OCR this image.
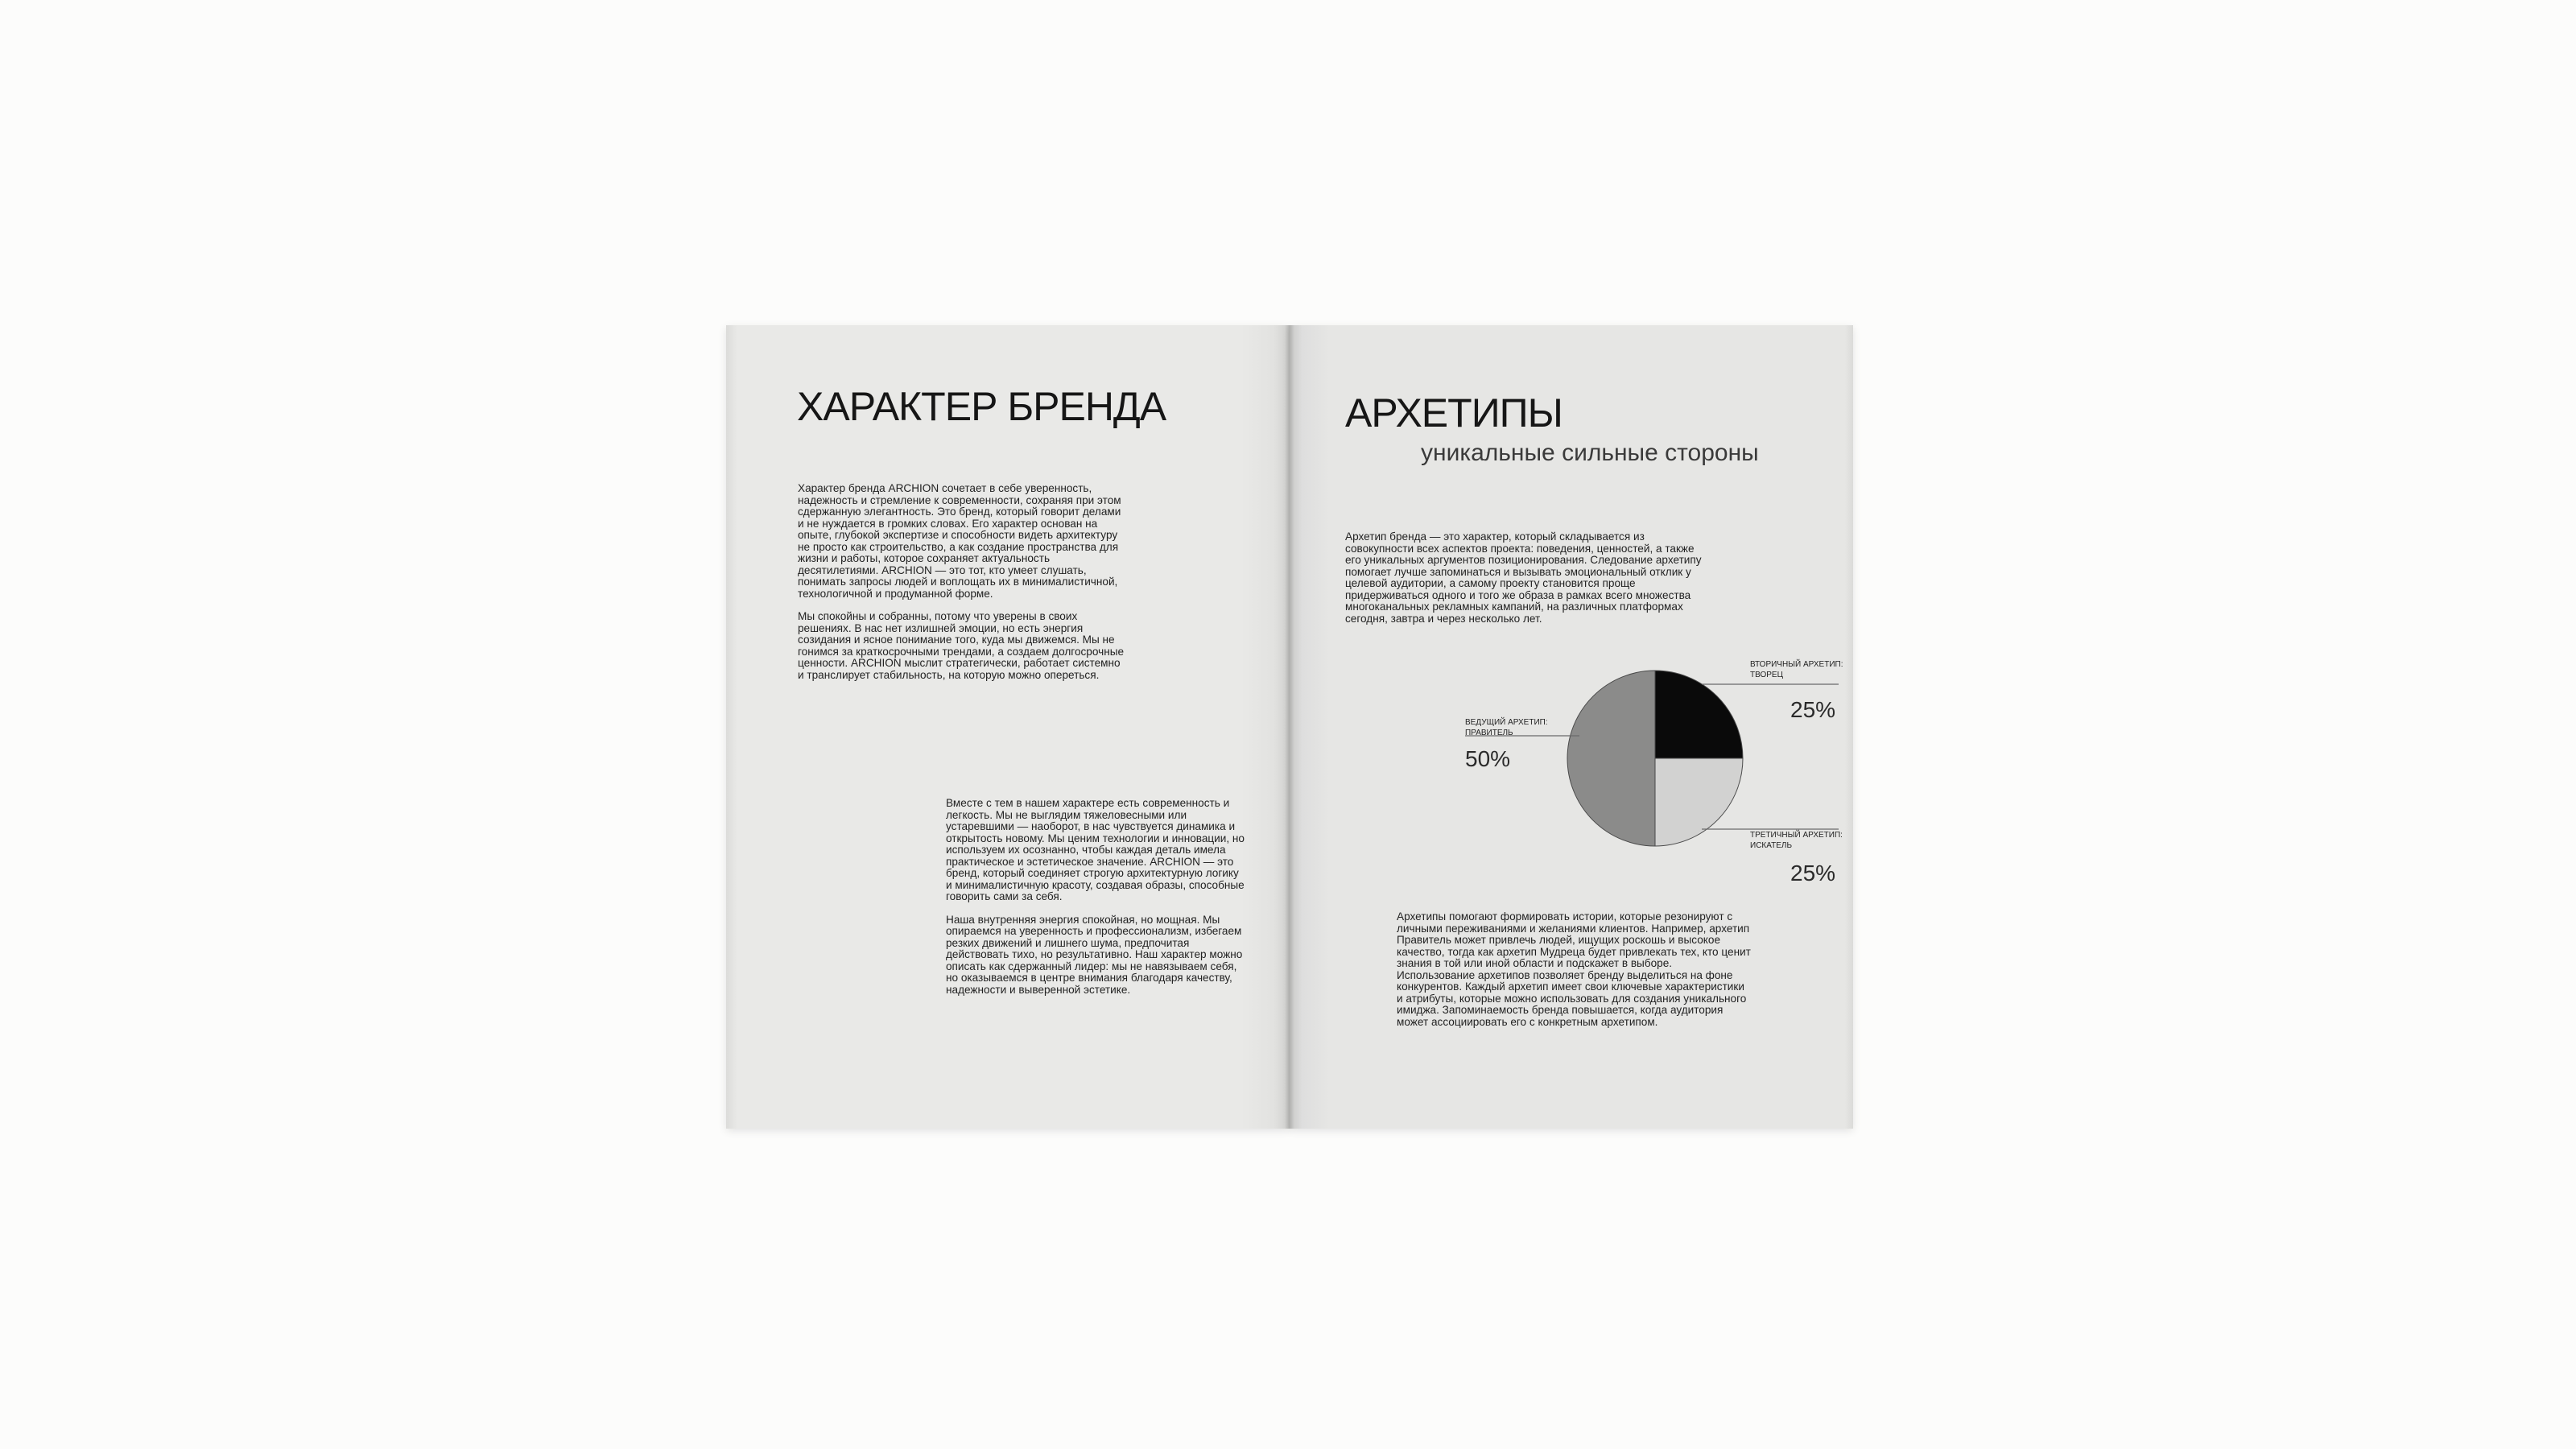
ХАРАКТЕР БРЕНДА

Характер бренда ARCHION сочетает в себе уверенность, надежность и стремление к современности, сохраняя при этом сдержанную элегантность. Это бренд, который говорит делами и не нуждается в громких словах. Его характер основан на опыте, глубокой экспертизе и способности видеть архитектуру не просто как строительство, а как создание пространства для жизни и работы, которое сохраняет актуальность десятилетиями. ARCHION — это тот, кто умеет слушать, понимать запросы людей и воплощать их в минималистичной, технологичной и продуманной форме.

Мы спокойны и собранны, потому что уверены в своих решениях. В нас нет излишней эмоции, но есть энергия созидания и ясное понимание того, куда мы движемся. Мы не гонимся за краткосрочными трендами, а создаем долгосрочные ценности. ARCHION мыслит стратегически, работает системно и транслирует стабильность, на которую можно опереться.

Вместе с тем в нашем характере есть современность и легкость. Мы не выглядим тяжеловесными или устаревшими — наоборот, в нас чувствуется динамика и открытость новому. Мы ценим технологии и инновации, но используем их осознанно, чтобы каждая деталь имела практическое и эстетическое значение. ARCHION — это бренд, который соединяет строгую архитектурную логику и минималистичную красоту, создавая образы, способные говорить сами за себя.

Наша внутренняя энергия спокойная, но мощная. Мы опираемся на уверенность и профессионализм, избегаем резких движений и лишнего шума, предпочитая действовать тихо, но результативно. Наш характер можно описать как сдержанный лидер: мы не навязываем себя, но оказываемся в центре внимания благодаря качеству, надежности и выверенной эстетике.

АРХЕТИПЫ
уникальные сильные стороны
Архетип бренда — это характер, который складывается из совокупности всех аспектов проекта: поведения, ценностей, а также его уникальных аргументов позиционирования. Следование архетипу помогает лучше запоминаться и вызывать эмоциональный отклик у целевой аудитории, а самому проекту становится проще придерживаться одного и того же образа в рамках всего множества многоканальных рекламных кампаний, на различных платформах сегодня, завтра и через несколько лет.
ВТОРИЧНЫЙ АРХЕТИП:
ТВОРЕЦ
25%
ТРЕТИЧНЫЙ АРХЕТИП:
ИСКАТЕЛЬ
25%
ВЕДУЩИЙ АРХЕТИП:
ПРАВИТЕЛЬ
50%
Архетипы помогают формировать истории, которые резонируют с личными переживаниями и желаниями клиентов. Например, архетип Правитель может привлечь людей, ищущих роскошь и высокое качество, тогда как архетип Мудреца будет привлекать тех, кто ценит знания в той или иной области и подскажет в выборе. Использование архетипов позволяет бренду выделиться на фоне конкурентов. Каждый архетип имеет свои ключевые характеристики и атрибуты, которые можно использовать для создания уникального имиджа. Запоминаемость бренда повышается, когда аудитория может ассоциировать его с конкретным архетипом.
